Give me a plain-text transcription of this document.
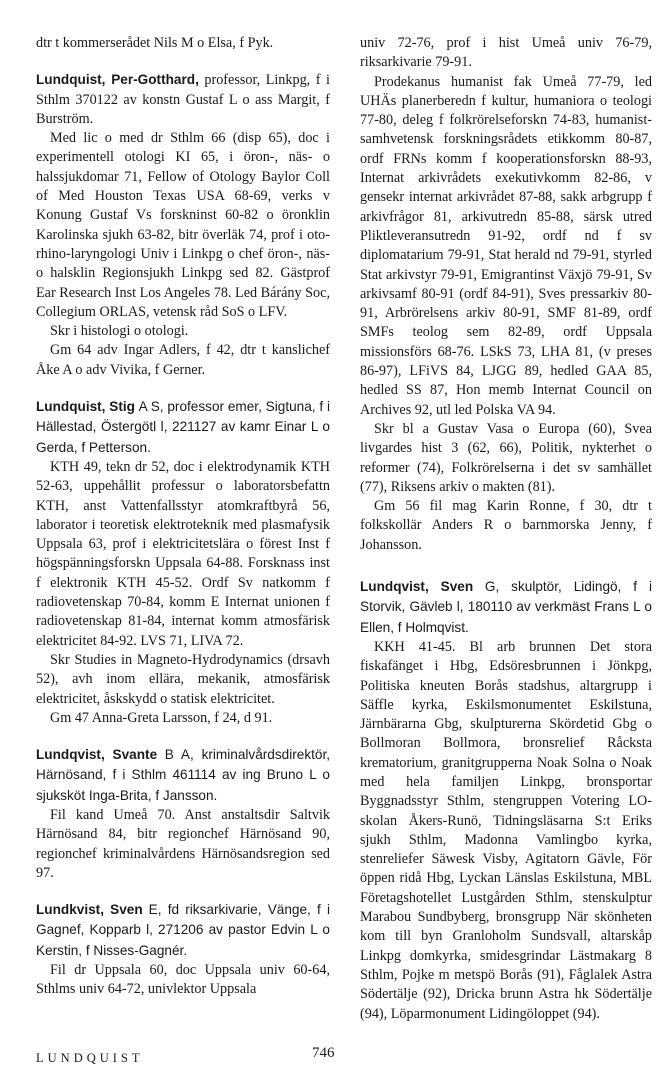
dtr t kommerserådet Nils M o Elsa, f Pyk.

Lundquist, Per-Gotthard, professor, Linkpg, f i Sthlm 370122 av konstn Gustaf L o ass Margit, f Burström.

Med lic o med dr Sthlm 66 (disp 65), doc i experimentell otologi KI 65, i öron-, näs- o halssjukdomar 71, Fellow of Otology Baylor Coll of Med Houston Texas USA 68-69, verks v Konung Gustaf Vs forskninst 60-82 o öronklin Karolinska sjukh 63-82, bitr överläk 74, prof i oto-rhino-laryngologi Univ i Linkpg o chef öron-, näs- o halsklin Regionsjukh Linkpg sed 82. Gästprof Ear Research Inst Los Angeles 78. Led Bárány Soc, Collegium ORLAS, vetensk råd SoS o LFV.

Skr i histologi o otologi.

Gm 64 adv Ingar Adlers, f 42, dtr t kanslichef Åke A o adv Vivika, f Gerner.

Lundquist, Stig A S, professor emer, Sigtuna, f i Hällestad, Östergötl l, 221127 av kamr Einar L o Gerda, f Petterson.

KTH 49, tekn dr 52, doc i elektrodynamik KTH 52-63, uppehållit professur o laboratorsbefattn KTH, anst Vattenfallsstyr atomkraftbyrå 56, laborator i teoretisk elektroteknik med plasmafysik Uppsala 63, prof i elektricitetslära o förest Inst f högspänningsforskn Uppsala 64-88. Forsknass inst f elektronik KTH 45-52. Ordf Sv natkomm f radiovetenskap 70-84, komm E Internat unionen f radiovetenskap 81-84, internat komm atmosfärisk elektricitet 84-92. LVS 71, LIVA 72.

Skr Studies in Magneto-Hydrodynamics (drsavh 52), avh inom ellära, mekanik, atmosfärisk elektricitet, åskskydd o statisk elektricitet.

Gm 47 Anna-Greta Larsson, f 24, d 91.

Lundqvist, Svante B A, kriminalvårdsdirektör, Härnösand, f i Sthlm 461114 av ing Bruno L o sjuksköt Inga-Brita, f Jansson.

Fil kand Umeå 70. Anst anstaltsdir Saltvik Härnösand 84, bitr regionchef Härnösand 90, regionchef kriminalvårdens Härnösandsregion sed 97.

Lundkvist, Sven E, fd riksarkivarie, Vänge, f i Gagnef, Kopparb l, 271206 av pastor Edvin L o Kerstin, f Nisses-Gagnér.

Fil dr Uppsala 60, doc Uppsala univ 60-64, Sthlms univ 64-72, univlektor Uppsala

univ 72-76, prof i hist Umeå univ 76-79, riksarkivarie 79-91.

Prodekanus humanist fak Umeå 77-79, led UHÄs planerberedn f kultur, humaniora o teologi 77-80, deleg f folkrörelseforskn 74-83, humanist-samhvetensk forskningsrådets etikkomm 80-87, ordf FRNs komm f kooperationsforskn 88-93, Internat arkivrådets exekutivkomm 82-86, v gensekr internat arkivrådet 87-88, sakk arbgrupp f arkivfrågor 81, arkivutredn 85-88, särsk utred Pliktleveransutredn 91-92, ordf nd f sv diplomatarium 79-91, Stat herald nd 79-91, styrled Stat arkivstyr 79-91, Emigrantinst Växjö 79-91, Sv arkivsamf 80-91 (ordf 84-91), Sves pressarkiv 80-91, Arbrörelsens arkiv 80-91, SMF 81-89, ordf SMFs teolog sem 82-89, ordf Uppsala missionsförs 68-76. LSkS 73, LHA 81, (v preses 86-97), LFiVS 84, LJGG 89, hedled GAA 85, hedled SS 87, Hon memb Internat Council on Archives 92, utl led Polska VA 94.

Skr bl a Gustav Vasa o Europa (60), Svea livgardes hist 3 (62, 66), Politik, nykterhet o reformer (74), Folkrörelserna i det sv samhället (77), Riksens arkiv o makten (81).

Gm 56 fil mag Karin Ronne, f 30, dtr t folkskollär Anders R o barnmorska Jenny, f Johansson.

Lundqvist, Sven G, skulptör, Lidingö, f i Storvik, Gävleb l, 180110 av verkmäst Frans L o Ellen, f Holmqvist.

KKH 41-45. Bl arb brunnen Det stora fiskafänget i Hbg, Edsöresbrunnen i Jönkpg, Politiska kneuten Borås stadshus, altargrupp i Säffle kyrka, Eskilsmonumentet Eskilstuna, Järnbärarna Gbg, skulpturerna Skördetid Gbg o Bollmoran Bollmora, bronsrelief Råcksta krematorium, granitgrupperna Noak Solna o Noak med hela familjen Linkpg, bronsportar Byggnadsstyr Sthlm, stengruppen Votering LO-skolan Åkers-Runö, Tidningsläsarna S:t Eriks sjukh Sthlm, Madonna Vamlingbo kyrka, stenreliefer Säwesk Visby, Agitatorn Gävle, För öppen ridå Hbg, Lyckan Länslas Eskilstuna, MBL Företagshotellet Lustgården Sthlm, stenskulptur Marabou Sundbyberg, bronsgrupp När skönheten kom till byn Granloholm Sundsvall, altarskåp Linkpg domkyrka, smidesgrindar Lästmakarg 8 Sthlm, Pojke m metspö Borås (91), Fåglalek Astra Södertälje (92), Dricka brunn Astra hk Södertälje (94), Löparmonument Lidingöloppet (94).

LUNDQUIST	746
